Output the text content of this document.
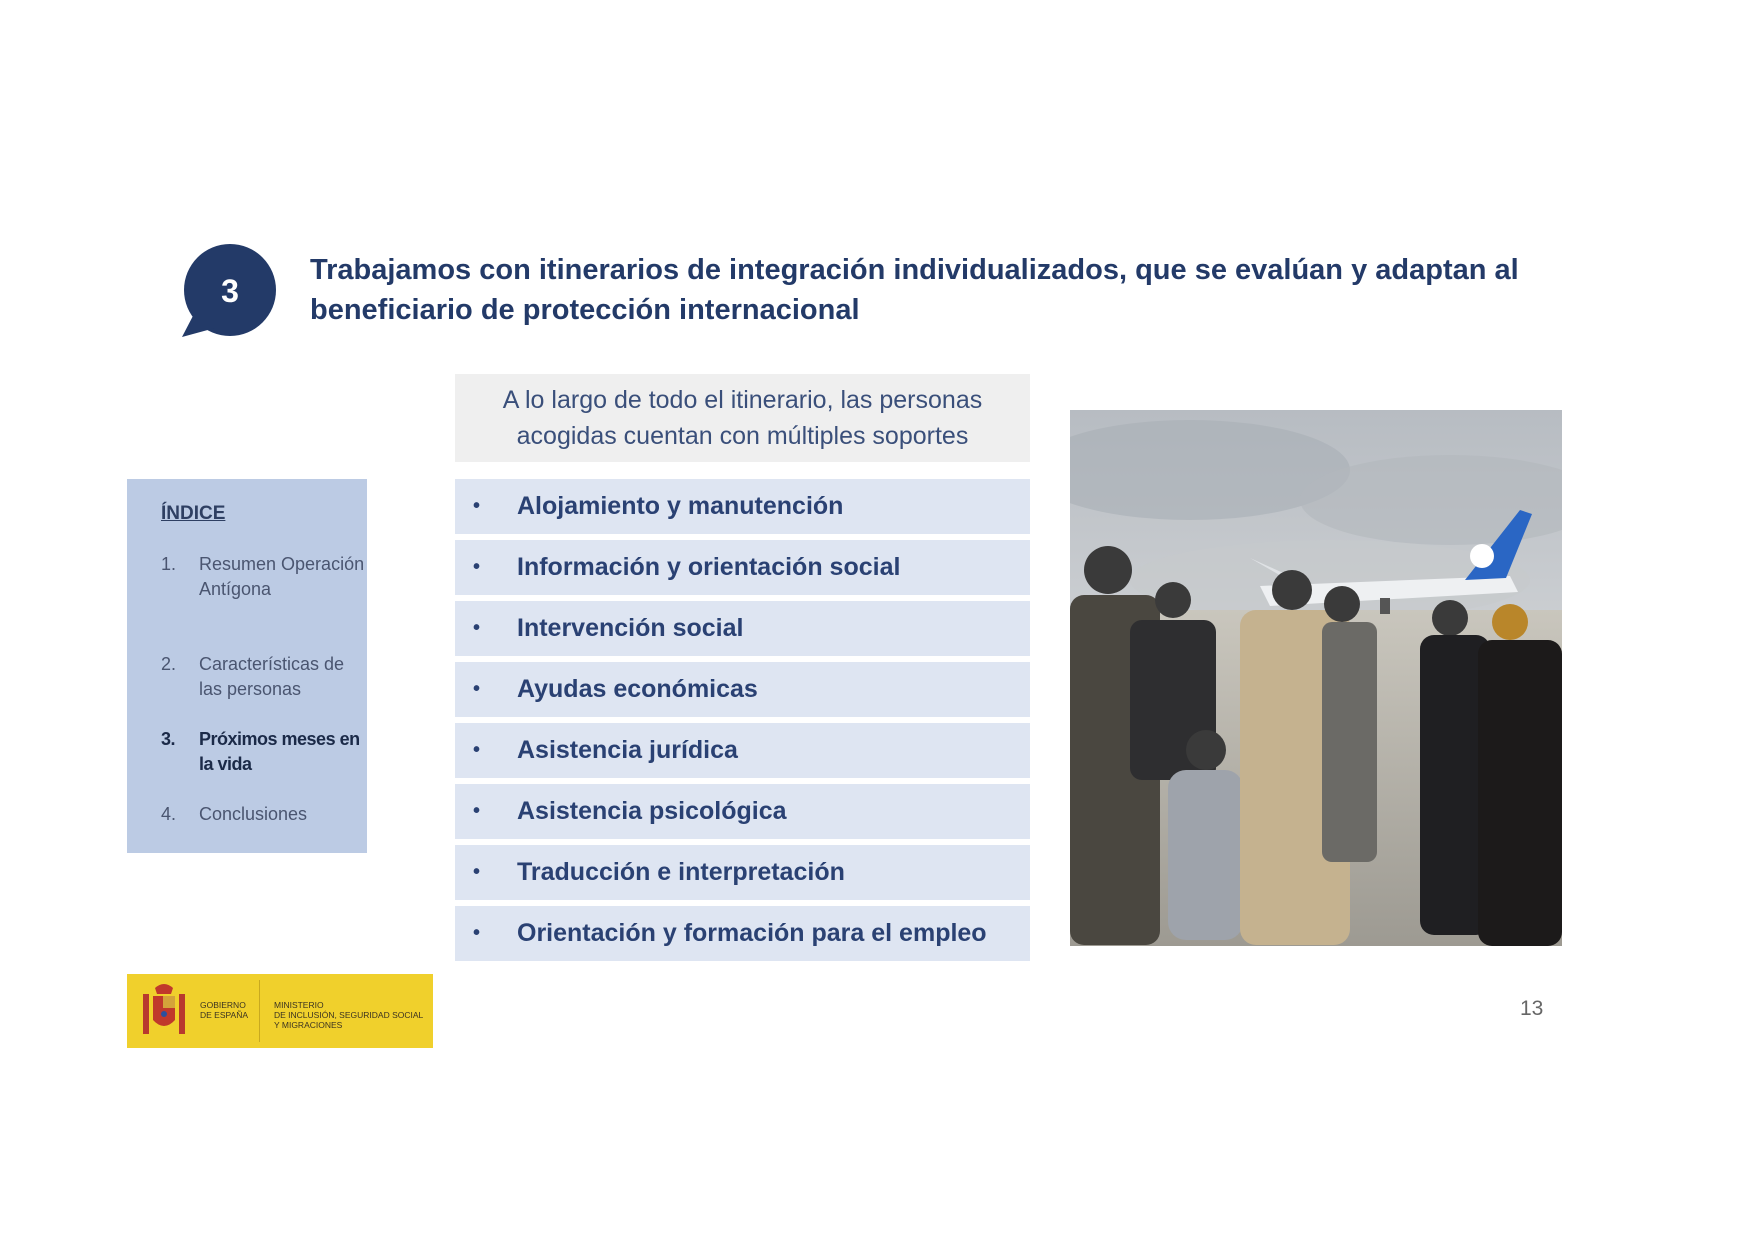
3
Trabajamos con itinerarios de integración individualizados, que se evalúan y adaptan al
beneficiario de protección internacional
ÍNDICE
1. Resumen Operación Antígona
2. Características de las personas
3. Próximos meses en la vida
4. Conclusiones
A lo largo de todo el itinerario, las personas
acogidas cuentan con múltiples soportes
• Alojamiento y manutención
• Información y orientación social
• Intervención social
• Ayudas económicas
• Asistencia jurídica
• Asistencia psicológica
• Traducción e interpretación
• Orientación y formación para el empleo
GOBIERNO
DE ESPAÑA
MINISTERIO
DE INCLUSIÓN, SEGURIDAD SOCIAL
Y MIGRACIONES
13
